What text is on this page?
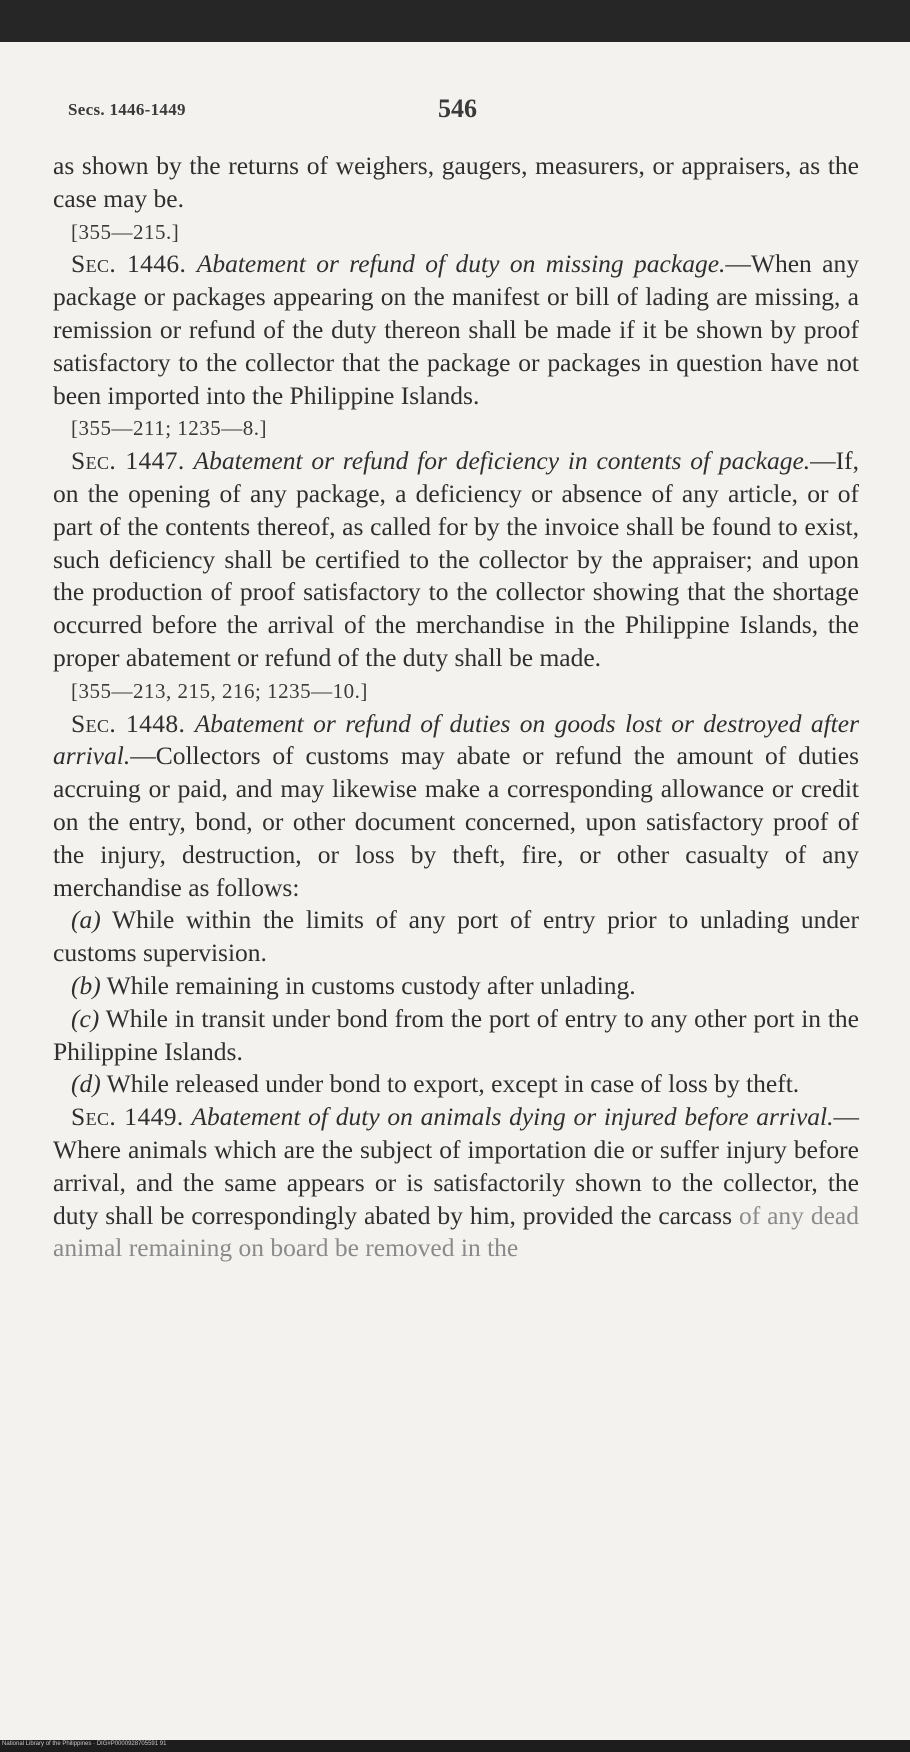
Secs. 1446-1449	546

as shown by the returns of weighers, gaugers, measurers, or appraisers, as the case may be.

[355—215.]

Sec. 1446. Abatement or refund of duty on missing package.—When any package or packages appearing on the manifest or bill of lading are missing, a remission or refund of the duty thereon shall be made if it be shown by proof satisfactory to the collector that the package or packages in question have not been imported into the Philippine Islands.

[355—211; 1235—8.]

Sec. 1447. Abatement or refund for deficiency in contents of package.—If, on the opening of any package, a deficiency or absence of any article, or of part of the contents thereof, as called for by the invoice shall be found to exist, such deficiency shall be certified to the collector by the appraiser; and upon the production of proof satisfactory to the collector showing that the shortage occurred before the arrival of the merchandise in the Philippine Islands, the proper abatement or refund of the duty shall be made.

[355—213, 215, 216; 1235—10.]

Sec. 1448. Abatement or refund of duties on goods lost or destroyed after arrival.—Collectors of customs may abate or refund the amount of duties accruing or paid, and may likewise make a corresponding allowance or credit on the entry, bond, or other document concerned, upon satisfactory proof of the injury, destruction, or loss by theft, fire, or other casualty of any merchandise as follows:

(a) While within the limits of any port of entry prior to unlading under customs supervision.

(b) While remaining in customs custody after unlading.

(c) While in transit under bond from the port of entry to any other port in the Philippine Islands.

(d) While released under bond to export, except in case of loss by theft.

Sec. 1449. Abatement of duty on animals dying or injured before arrival.—Where animals which are the subject of importation die or suffer injury before arrival, and the same appears or is satisfactorily shown to the collector, the duty shall be correspondingly abated by him, provided the carcass of any dead animal remaining on board be removed in the

National Library of the Philippines · DIG#P0000928705591 91
